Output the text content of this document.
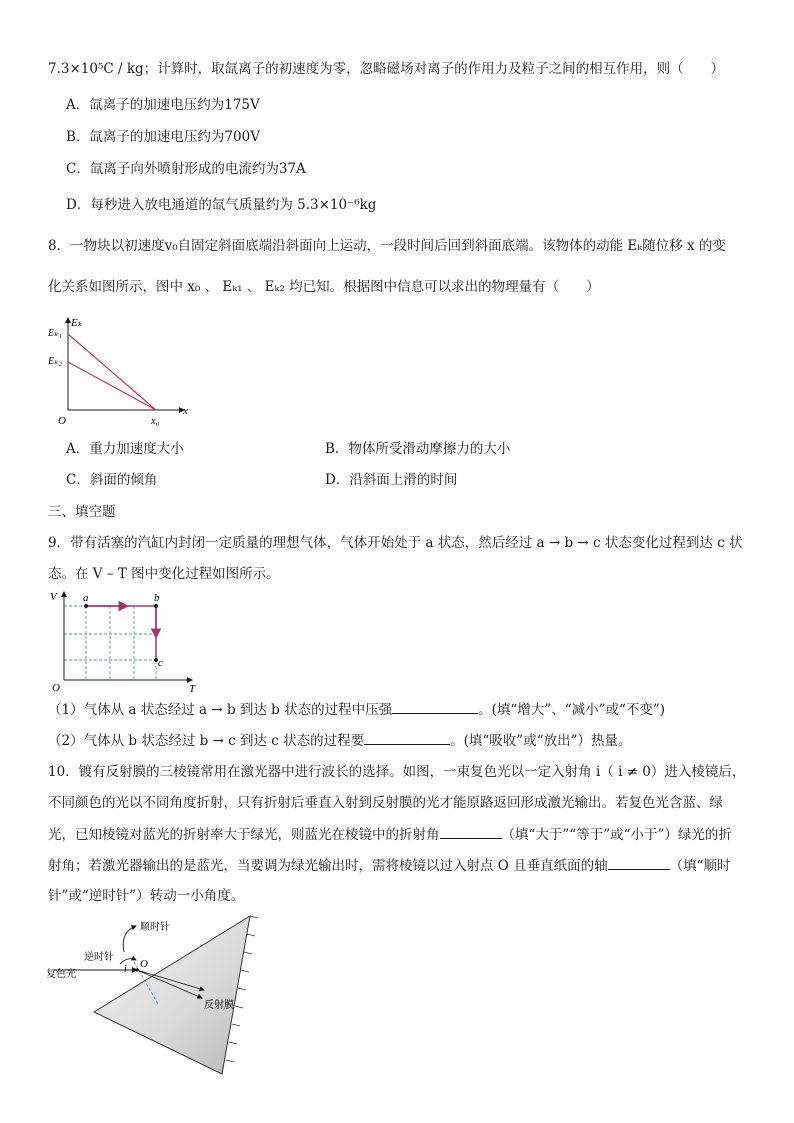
7.3×10⁵C / kg；计算时，取氙离子的初速度为零，忽略磁场对离子的作用力及粒子之间的相互作用，则（　　）
A．氙离子的加速电压约为175V
B．氙离子的加速电压约为700V
C．氙离子向外喷射形成的电流约为37A
D．每秒进入放电通道的氙气质量约为 5.3×10⁻⁶kg
8．一物块以初速度v₀自固定斜面底端沿斜面向上运动，一段时间后回到斜面底端。该物体的动能 Eₖ随位移 x 的变
化关系如图所示，图中 x₀ 、 Eₖ₁ 、 Eₖ₂ 均已知。根据图中信息可以求出的物理量有（　　）
Eₖ
Eₖ₁
Eₖ₂
O	x₀
x
A．重力加速度大小	B．物体所受滑动摩擦力的大小
C．斜面的倾角	D．沿斜面上滑的时间
三、填空题
9．带有活塞的汽缸内封闭一定质量的理想气体，气体开始处于 a 状态，然后经过 a → b → c 状态变化过程到达 c 状
态。在 V – T 图中变化过程如图所示。
a	b
c
V
O	T
（1）气体从 a 状态经过 a → b 到达 b 状态的过程中压强	。(填“增大”、“减小”或“不变”)
（2）气体从 b 状态经过 b → c 到达 c 状态的过程要	。(填“吸收”或“放出”）热量。
10．镀有反射膜的三棱镜常用在激光器中进行波长的选择。如图，一束复色光以一定入射角 i（ i ≠ 0）进入棱镜后，
不同颜色的光以不同角度折射，只有折射后垂直入射到反射膜的光才能原路返回形成激光输出。若复色光含蓝、绿
光，已知棱镜对蓝光的折射率大于绿光，则蓝光在棱镜中的折射角	（填“大于”“等于”或“小于”）绿光的折
射角；若激光器输出的是蓝光，当要调为绿光输出时，需将棱镜以过入射点 O 且垂直纸面的轴	（填“顺时
针”或“逆时针”）转动一小角度。
顺时针
逆时针
复色光
O
i
反射膜
